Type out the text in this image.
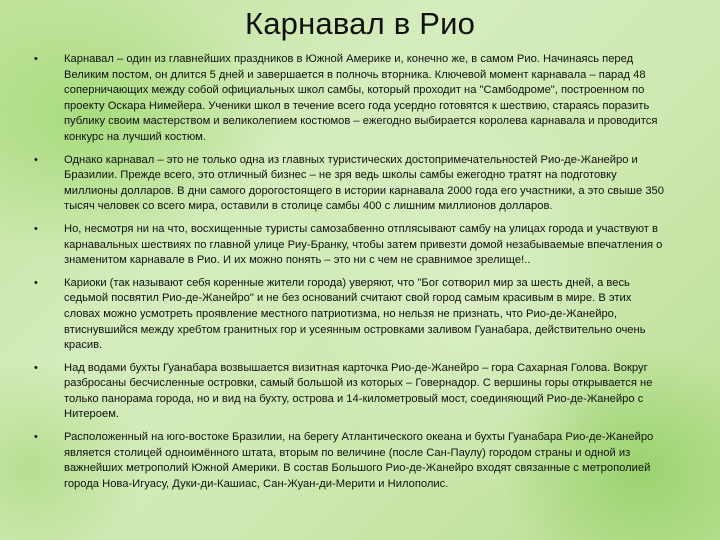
Карнавал в Рио
• Карнавал – один из главнейших праздников в Южной Америке и, конечно же, в самом Рио. Начинаясь перед Великим постом, он длится 5 дней и завершается в полночь вторника. Ключевой момент карнавала – парад 48 соперничающих между собой официальных школ самбы, который проходит на "Самбодроме", построенном по проекту Оскара Нимейера. Ученики школ в течение всего года усердно готовятся к шествию, стараясь поразить публику своим мастерством и великолепием костюмов – ежегодно выбирается королева карнавала и проводится конкурс на лучший костюм.
• Однако карнавал – это не только одна из главных туристических достопримечательностей Рио-де-Жанейро и Бразилии. Прежде всего, это отличный бизнес – не зря ведь школы самбы ежегодно тратят на подготовку миллионы долларов. В дни самого дорогостоящего в истории карнавала 2000 года его участники, а это свыше 350 тысяч человек со всего мира, оставили в столице самбы 400 с лишним миллионов долларов.
• Но, несмотря ни на что, восхищенные туристы самозабвенно отплясывают самбу на улицах города и участвуют в карнавальных шествиях по главной улице Риу-Бранку, чтобы затем привезти домой незабываемые впечатления о знаменитом карнавале в Рио. И их можно понять – это ни с чем не сравнимое зрелище!..
• Кариоки (так называют себя коренные жители города) уверяют, что "Бог сотворил мир за шесть дней, а весь седьмой посвятил Рио-де-Жанейро" и не без оснований считают свой город самым красивым в мире. В этих словах можно усмотреть проявление местного патриотизма, но нельзя не признать, что Рио-де-Жанейро, втиснувшийся между хребтом гранитных гор и усеянным островками заливом Гуанабара, действительно очень красив.
• Над водами бухты Гуанабара возвышается визитная карточка Рио-де-Жанейро – гора Сахарная Голова. Вокруг разбросаны бесчисленные островки, самый большой из которых – Говернадор. С вершины горы открывается не только панорама города, но и вид на бухту, острова и 14-километровый мост, соединяющий Рио-де-Жанейро с Нитероем.
• Расположенный на юго-востоке Бразилии, на берегу Атлантического океана и бухты Гуанабара Рио-де-Жанейро является столицей одноимённого штата, вторым по величине (после Сан-Паулу) городом страны и одной из важнейших метрополий Южной Америки. В состав Большого Рио-де-Жанейро входят связанные с метрополией города Нова-Игуасу, Дуки-ди-Кашиас, Сан-Жуан-ди-Мерити и Нилополис.
